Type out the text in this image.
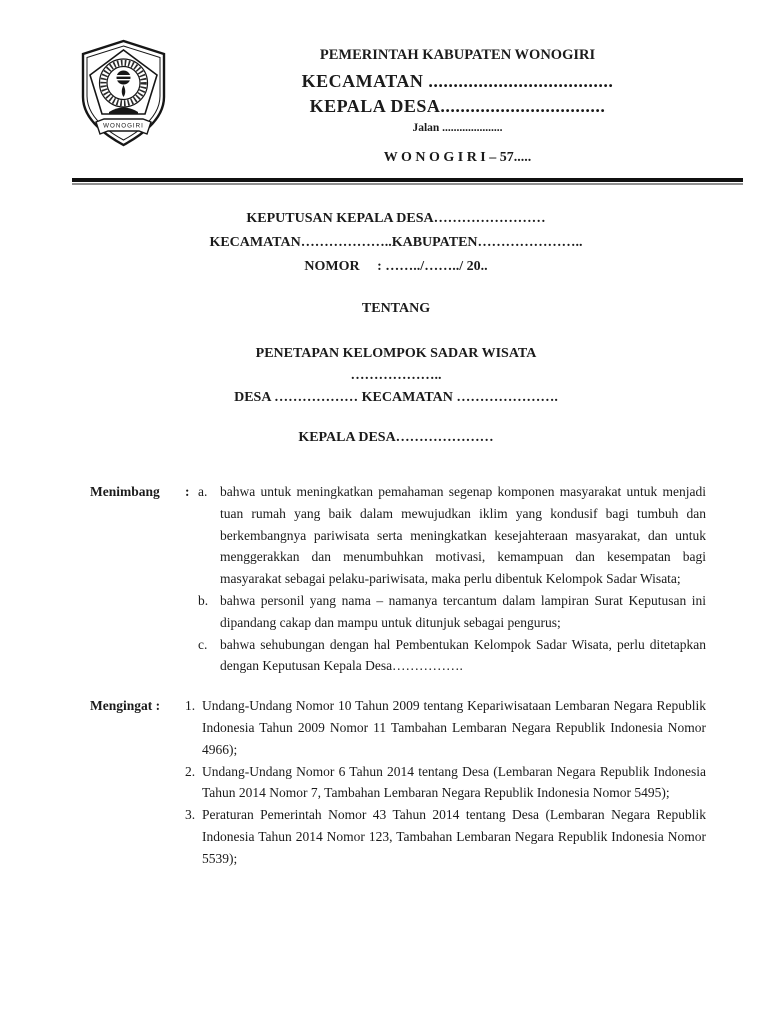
WONOGIRI
PEMERINTAH KABUPATEN WONOGIRI
KECAMATAN .....................................
KEPALA DESA.................................
Jalan .....................
W O N O G I R I – 57.....
KEPUTUSAN KEPALA DESA……………………
KECAMATAN………………..KABUPATEN…………………..
NOMOR     : ……../……../ 20..
TENTANG
PENETAPAN KELOMPOK SADAR WISATA
………………..
DESA ……………… KECAMATAN ………………….
KEPALA DESA…………………
Menimbang	: a. bahwa untuk meningkatkan pemahaman segenap komponen masyarakat untuk menjadi tuan rumah yang baik dalam mewujudkan iklim yang kondusif bagi tumbuh dan berkembangnya pariwisata serta meningkatkan kesejahteraan masyarakat, dan untuk menggerakkan dan menumbuhkan motivasi, kemampuan dan kesempatan bagi masyarakat sebagai pelaku-pariwisata, maka perlu dibentuk Kelompok Sadar Wisata;
b. bahwa personil yang nama – namanya tercantum dalam lampiran Surat Keputusan ini dipandang cakap dan mampu untuk ditunjuk sebagai pengurus;
c. bahwa sehubungan dengan hal Pembentukan Kelompok Sadar Wisata, perlu ditetapkan dengan Keputusan Kepala Desa…………….
Mengingat :	1. Undang-Undang Nomor 10 Tahun 2009 tentang Kepariwisataan Lembaran Negara Republik Indonesia Tahun 2009 Nomor 11 Tambahan Lembaran Negara Republik Indonesia Nomor 4966);
2. Undang-Undang Nomor 6 Tahun 2014 tentang Desa (Lembaran Negara Republik Indonesia Tahun 2014 Nomor 7, Tambahan Lembaran Negara Republik Indonesia Nomor 5495);
3. Peraturan Pemerintah Nomor 43 Tahun 2014 tentang Desa (Lembaran Negara Republik Indonesia Tahun 2014 Nomor 123, Tambahan Lembaran Negara Republik Indonesia Nomor 5539);
